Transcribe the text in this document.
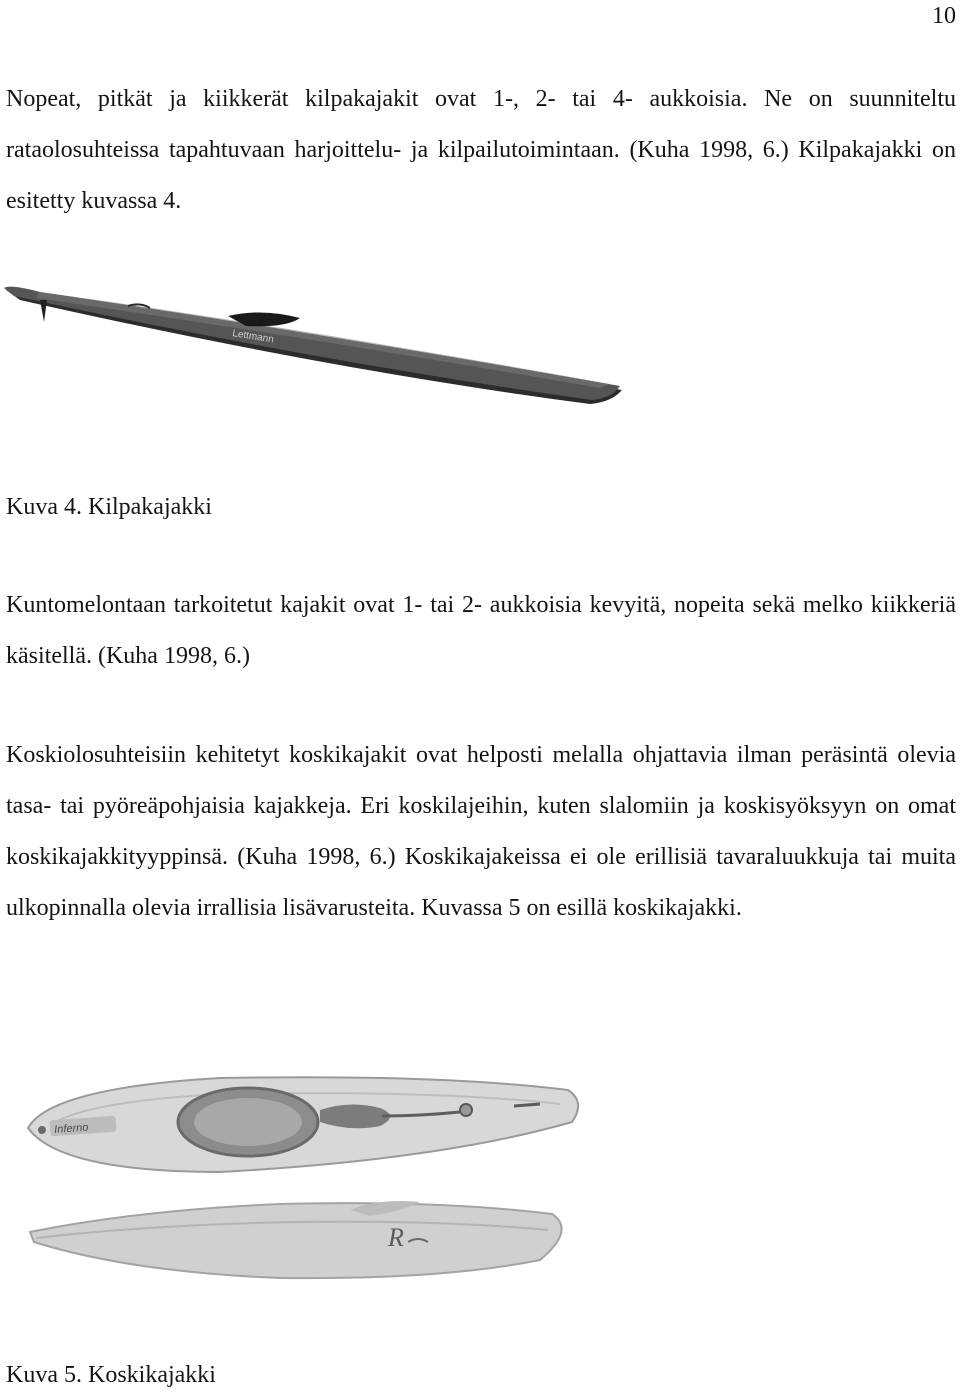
10

Nopeat, pitkät ja kiikkerät kilpakajakit ovat 1-, 2- tai 4- aukkoisia. Ne on suunniteltu rataolosuhteissa tapahtuvaan harjoittelu- ja kilpailutoimintaan. (Kuha 1998, 6.) Kilpakajakki on esitetty kuvassa 4.

Lettmann
Kuva 4. Kilpakajakki

Kuntomelontaan tarkoitetut kajakit ovat 1- tai 2- aukkoisia kevyitä, nopeita sekä melko kiikkeriä käsitellä. (Kuha 1998, 6.)

Koskiolosuhteisiin kehitetyt koskikajakit ovat helposti melalla ohjattavia ilman peräsintä olevia tasa- tai pyöreäpohjaisia kajakkeja. Eri koskilajeihin, kuten slalomiin ja koskisyöksyyn on omat koskikajakkityyppinsä. (Kuha 1998, 6.) Koskikajakeissa ei ole erillisiä tavaraluukkuja tai muita ulkopinnalla olevia irrallisia lisävarusteita. Kuvassa 5 on esillä koskikajakki.

Inferno
R
Kuva 5. Koskikajakki
